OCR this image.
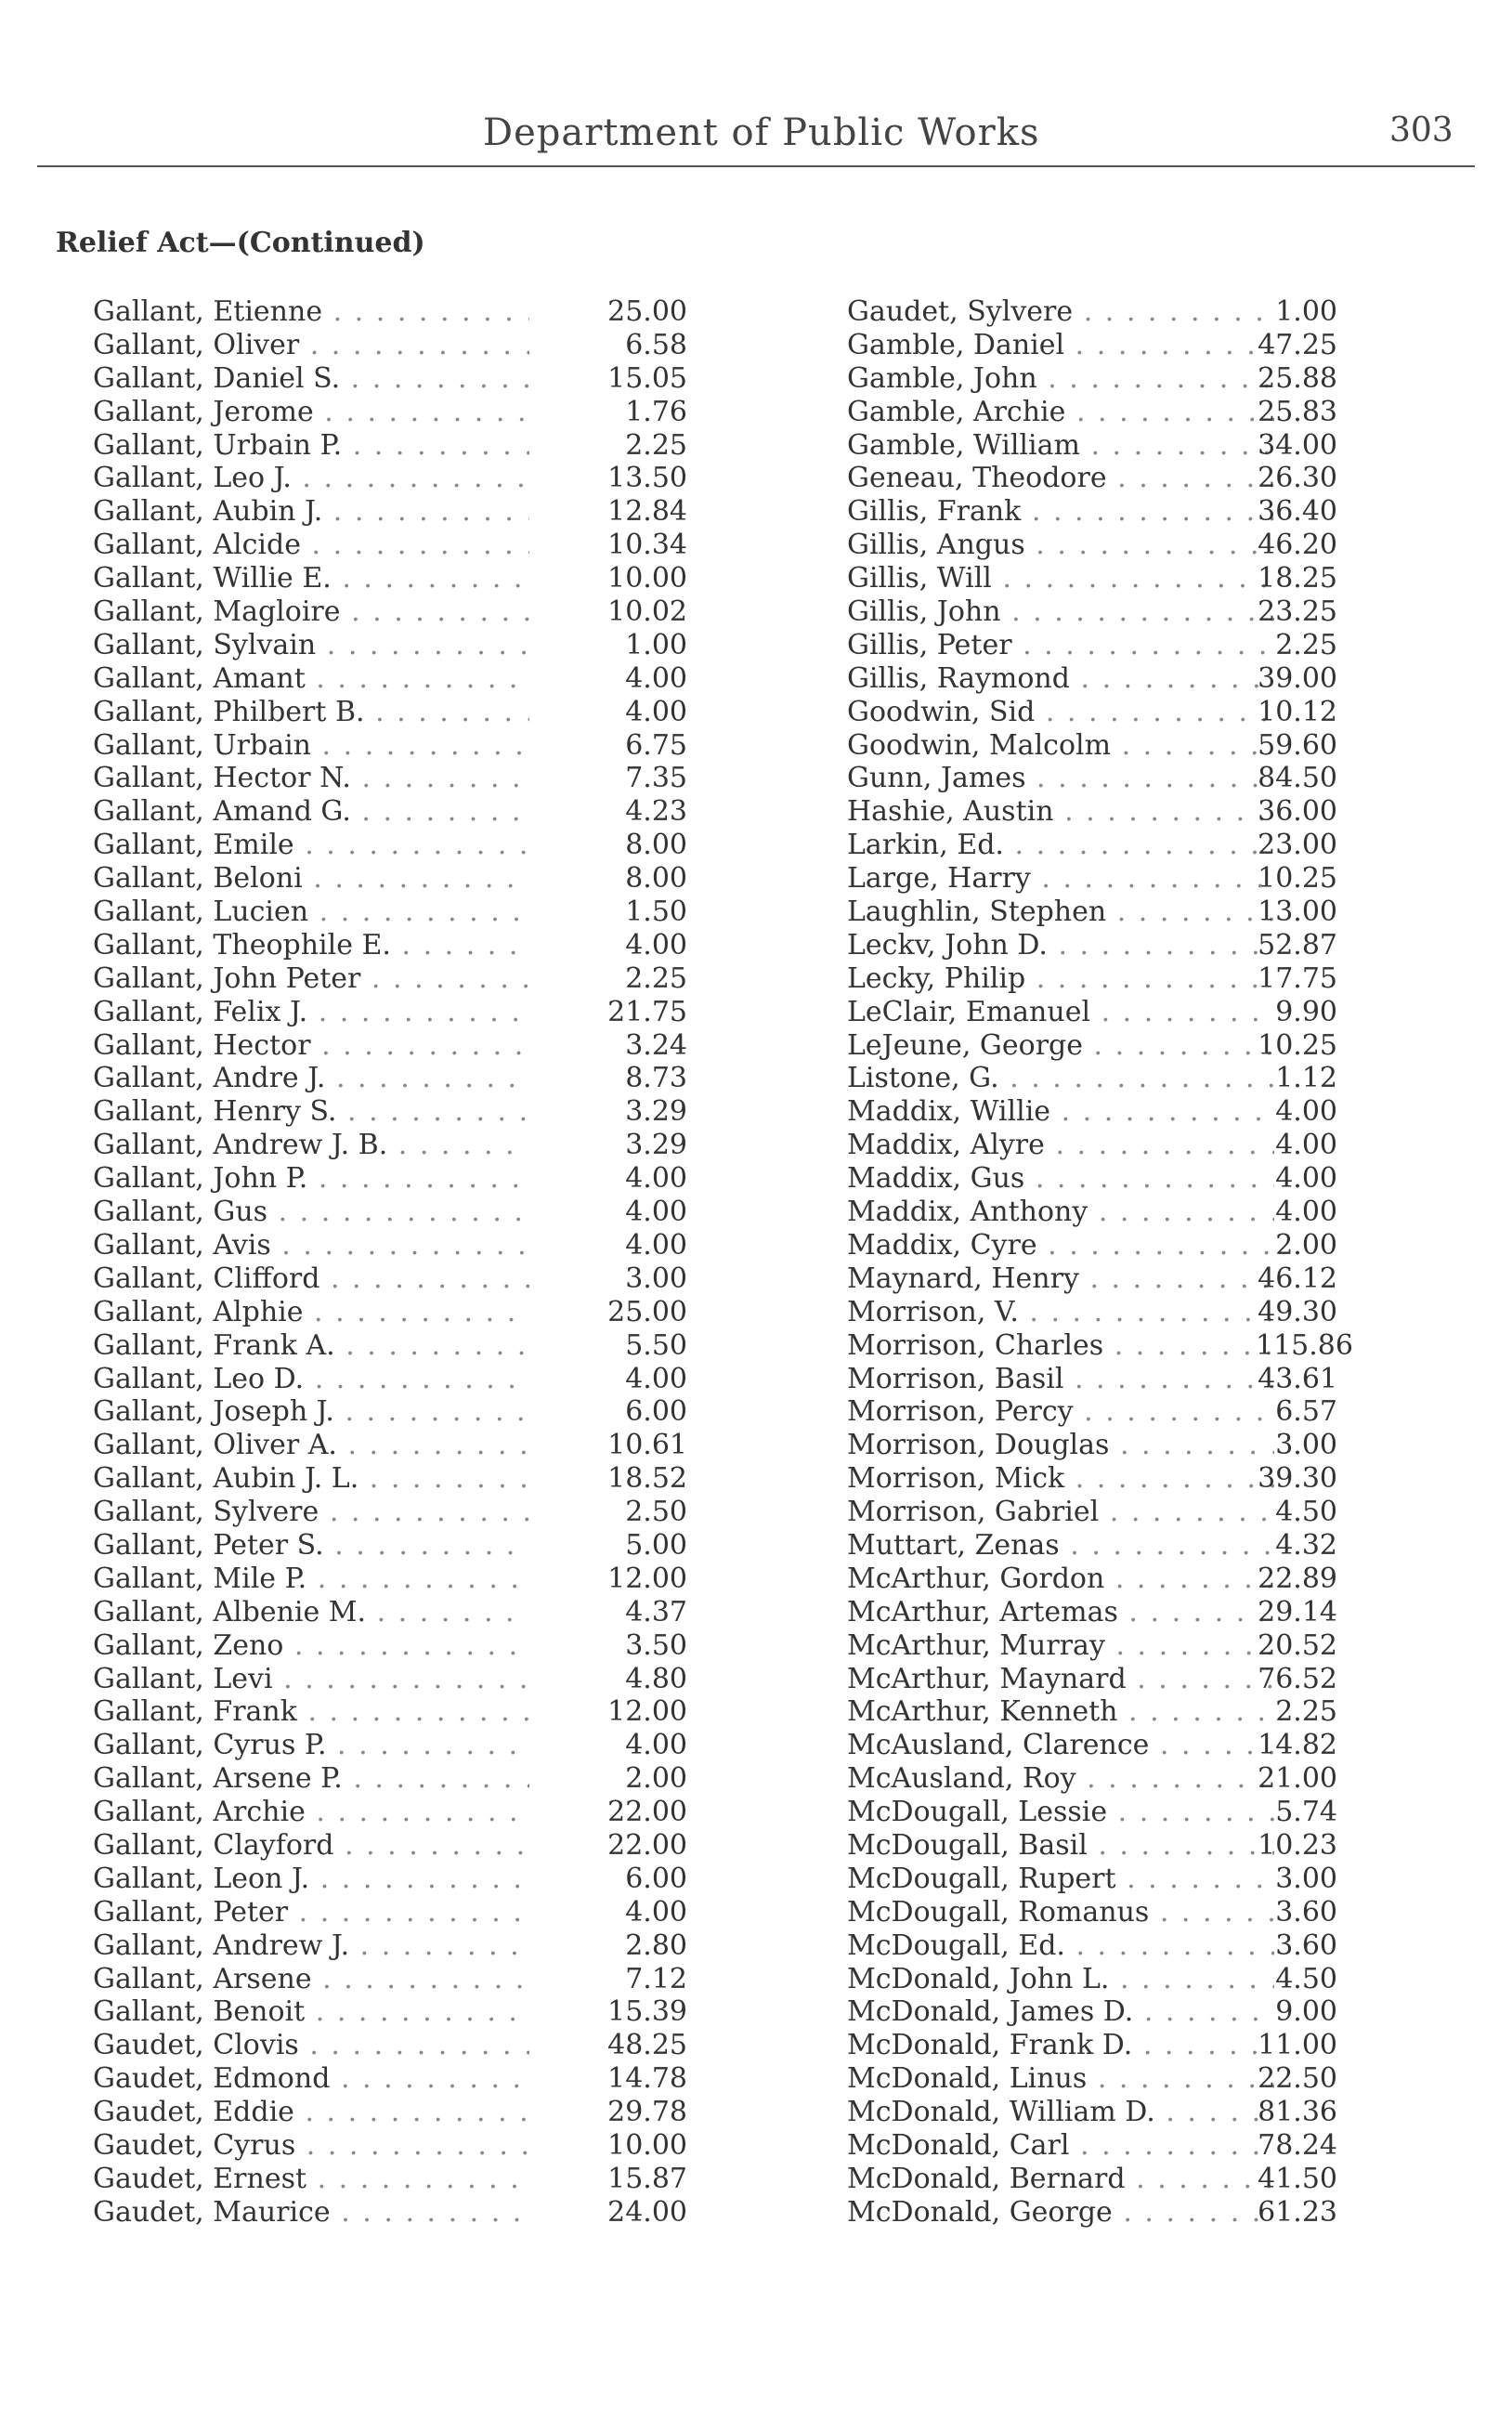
Department of Public Works	303
Relief Act—(Continued)
Gallant, Etienne . . .	25.00
Gallant, Oliver . . .	6.58
Gallant, Daniel S. . . .	15.05
Gallant, Jerome . . .	1.76
Gallant, Urbain P. . . .	2.25
Gallant, Leo J. . . .	13.50
Gallant, Aubin J. . . .	12.84
Gallant, Alcide . . .	10.34
Gallant, Willie E. . . .	10.00
Gallant, Magloire . . .	10.02
Gallant, Sylvain . . .	1.00
Gallant, Amant . . .	4.00
Gallant, Philbert B. . . .	4.00
Gallant, Urbain . . .	6.75
Gallant, Hector N. . . .	7.35
Gallant, Amand G. . . .	4.23
Gallant, Emile . . .	8.00
Gallant, Beloni . . .	8.00
Gallant, Lucien . . .	1.50
Gallant, Theophile E. . . .	4.00
Gallant, John Peter . . .	2.25
Gallant, Felix J. . . .	21.75
Gallant, Hector . . .	3.24
Gallant, Andre J. . . .	8.73
Gallant, Henry S. . . .	3.29
Gallant, Andrew J. B. . . .	3.29
Gallant, John P. . . .	4.00
Gallant, Gus . . .	4.00
Gallant, Avis . . .	4.00
Gallant, Clifford . . .	3.00
Gallant, Alphie . . .	25.00
Gallant, Frank A. . . .	5.50
Gallant, Leo D. . . .	4.00
Gallant, Joseph J. . . .	6.00
Gallant, Oliver A. . . .	10.61
Gallant, Aubin J. L. . . .	18.52
Gallant, Sylvere . . .	2.50
Gallant, Peter S. . . .	5.00
Gallant, Mile P. . . .	12.00
Gallant, Albenie M. . . .	4.37
Gallant, Zeno . . .	3.50
Gallant, Levi . . .	4.80
Gallant, Frank . . .	12.00
Gallant, Cyrus P. . . .	4.00
Gallant, Arsene P. . . .	2.00
Gallant, Archie . . .	22.00
Gallant, Clayford . . .	22.00
Gallant, Leon J. . . .	6.00
Gallant, Peter . . .	4.00
Gallant, Andrew J. . . .	2.80
Gallant, Arsene . . .	7.12
Gallant, Benoit . . .	15.39
Gaudet, Clovis . . .	48.25
Gaudet, Edmond . . .	14.78
Gaudet, Eddie . . .	29.78
Gaudet, Cyrus . . .	10.00
Gaudet, Ernest . . .	15.87
Gaudet, Maurice . . .	24.00
Gaudet, Sylvere . . .	1.00
Gamble, Daniel . . .	47.25
Gamble, John . . .	25.88
Gamble, Archie . . .	25.83
Gamble, William . . .	34.00
Geneau, Theodore . . .	26.30
Gillis, Frank . . .	36.40
Gillis, Angus . . .	46.20
Gillis, Will . . .	18.25
Gillis, John . . .	23.25
Gillis, Peter . . .	2.25
Gillis, Raymond . . .	39.00
Goodwin, Sid . . .	10.12
Goodwin, Malcolm . . .	59.60
Gunn, James . . .	84.50
Hashie, Austin . . .	36.00
Larkin, Ed. . . .	23.00
Large, Harry . . .	10.25
Laughlin, Stephen . . .	13.00
Leckv, John D. . . .	52.87
Lecky, Philip . . .	17.75
LeClair, Emanuel . . .	9.90
LeJeune, George . . .	10.25
Listone, G. . . .	1.12
Maddix, Willie . . .	4.00
Maddix, Alyre . . .	4.00
Maddix, Gus . . .	4.00
Maddix, Anthony . . .	4.00
Maddix, Cyre . . .	2.00
Maynard, Henry . . .	46.12
Morrison, V. . . .	49.30
Morrison, Charles . . .	115.86
Morrison, Basil . . .	43.61
Morrison, Percy . . .	6.57
Morrison, Douglas . . .	3.00
Morrison, Mick . . .	39.30
Morrison, Gabriel . . .	4.50
Muttart, Zenas . . .	4.32
McArthur, Gordon . . .	22.89
McArthur, Artemas . . .	29.14
McArthur, Murray . . .	20.52
McArthur, Maynard . . .	76.52
McArthur, Kenneth . . .	2.25
McAusland, Clarence . . .	14.82
McAusland, Roy . . .	21.00
McDougall, Lessie . . .	5.74
McDougall, Basil . . .	10.23
McDougall, Rupert . . .	3.00
McDougall, Romanus . . .	3.60
McDougall, Ed. . . .	3.60
McDonald, John L. . . .	4.50
McDonald, James D. . . .	9.00
McDonald, Frank D. . . .	11.00
McDonald, Linus . . .	22.50
McDonald, William D. . . .	81.36
McDonald, Carl . . .	78.24
McDonald, Bernard . . .	41.50
McDonald, George . . .	61.23
